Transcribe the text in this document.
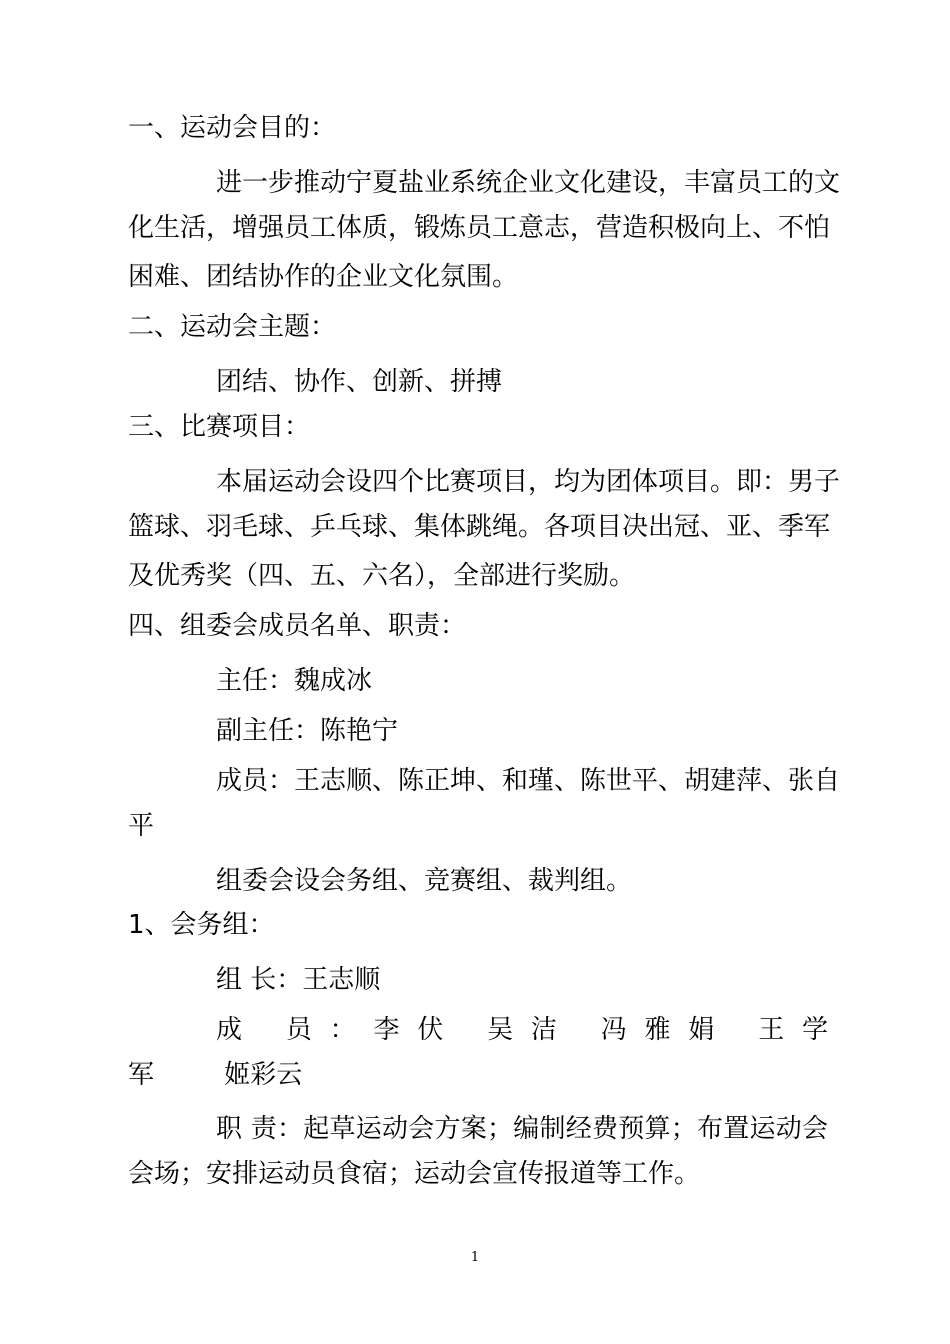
一、运动会目的：
进一步推动宁夏盐业系统企业文化建设，丰富员工的文
化生活，增强员工体质，锻炼员工意志，营造积极向上、不怕
困难、团结协作的企业文化氛围。
二、运动会主题：
团结、协作、创新、拼搏
三、比赛项目：
本届运动会设四个比赛项目，均为团体项目。即：男子
篮球、羽毛球、乒乓球、集体跳绳。各项目决出冠、亚、季军
及优秀奖（四、五、六名），全部进行奖励。
四、组委会成员名单、职责：
主任：魏成冰
副主任：陈艳宁
成员：王志顺、陈正坤、和瑾、陈世平、胡建萍、张自
平
组委会设会务组、竞赛组、裁判组。
1、会务组：
组 长：王志顺
成 员：李伏 吴洁 冯雅娟 王学
军 姬彩云
职 责：起草运动会方案；编制经费预算；布置运动会
会场；安排运动员食宿；运动会宣传报道等工作。
1
